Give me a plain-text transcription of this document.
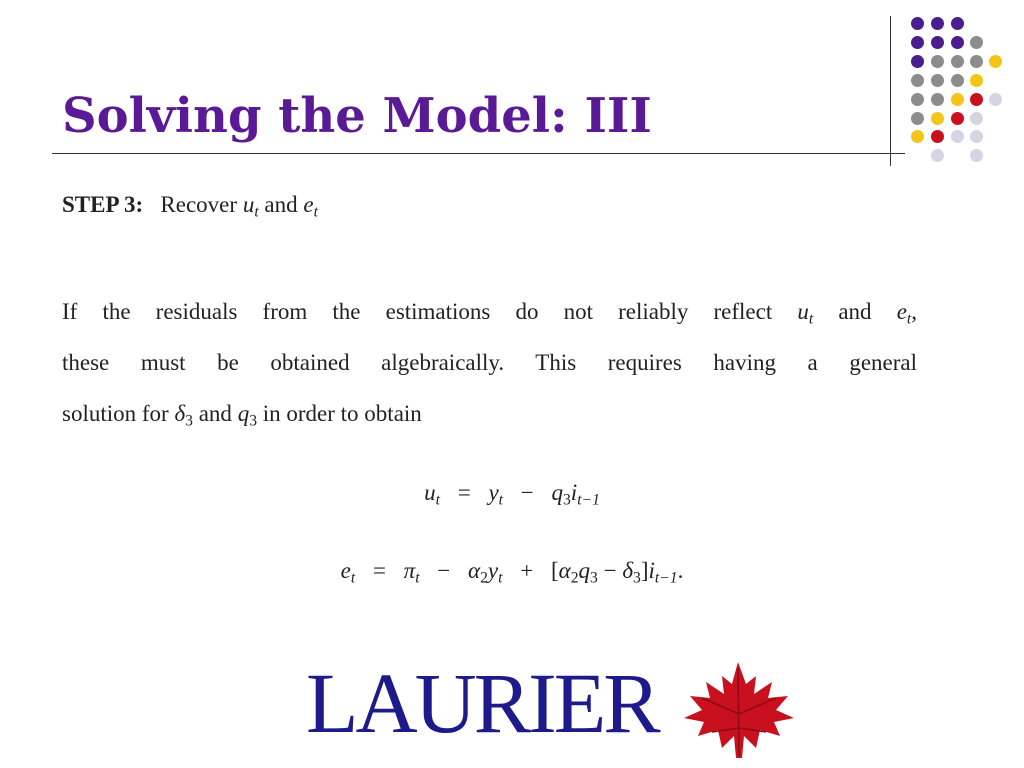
Solving the Model: III
STEP 3: Recover $u_t$ and $e_t$
If the residuals from the estimations do not reliably reflect $u_t$ and $e_t$,
these must be obtained algebraically. This requires having a general
solution for $\delta_3$ and $q_3$ in order to obtain
$u_t = y_t - q_3i_{t-1}$
$e_t = \pi_t - \alpha_2y_t + [\alpha_2q_3 - \delta_3]i_{t-1}$.
LAURIER
